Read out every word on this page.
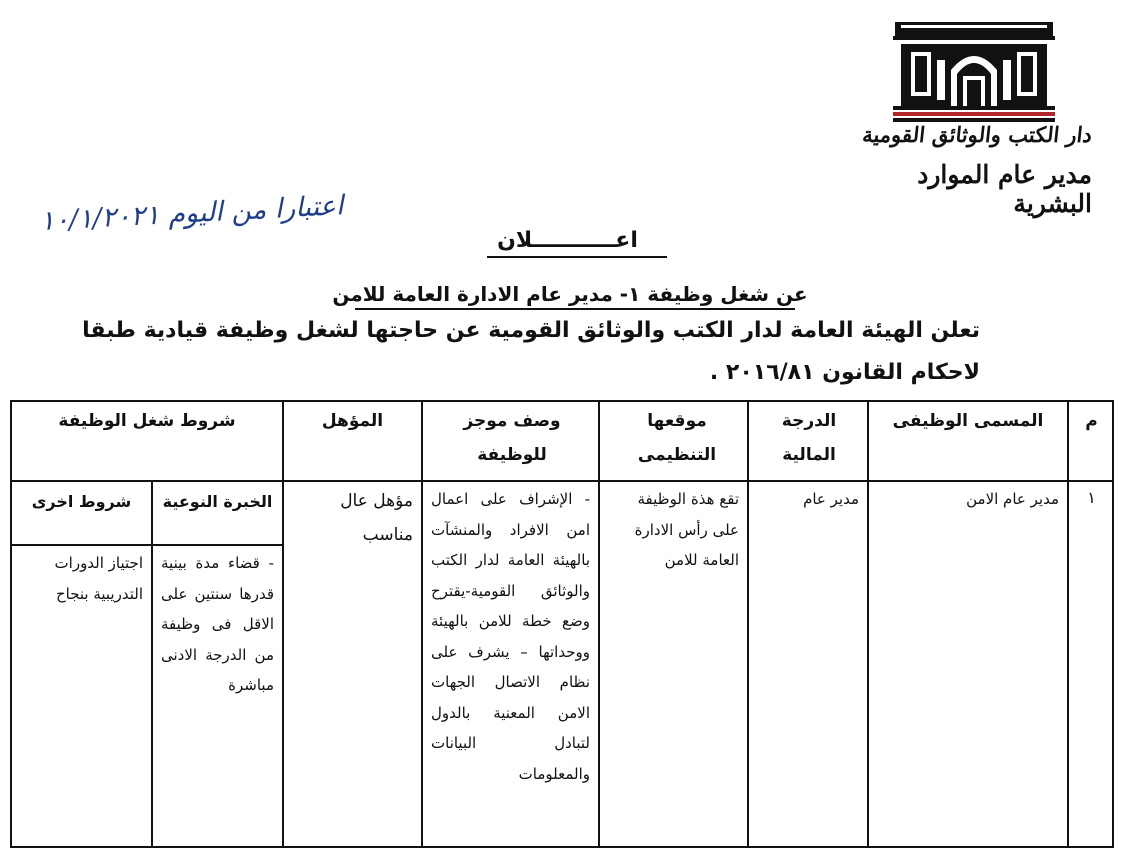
دار الكتب والوثائق القومية
مدير عام الموارد البشرية
اعتبارا من اليوم ١٠/١/٢٠٢١
اعـــــــــــلان
عن شغل وظيفة ١- مدير عام الادارة العامة للامن
تعلن الهيئة العامة لدار الكتب والوثائق القومية عن حاجتها لشغل وظيفة قيادية طبقا
لاحكام القانون ٢٠١٦/٨١ .
م
المسمى الوظيفى
الدرجة المالية
موقعها التنظيمى
وصف موجز للوظيفة
المؤهل
شروط شغل الوظيفة
الخبرة النوعية
شروط اخرى	١
مدير عام الامن
مدير عام
تقع هذة الوظيفة على رأس الادارة العامة للامن
- الإشراف على اعمال امن الافراد والمنشآت بالهيئة العامة لدار الكتب والوثائق القومية-يقترح وضع خطة للامن بالهيئة ووحداتها – يشرف على نظام الاتصال الجهات الامن المعنية بالدول لتبادل البيانات والمعلومات
مؤهل عال مناسب
- قضاء مدة بينية قدرها سنتين على الاقل فى وظيفة من الدرجة الادنى مباشرة
اجتياز الدورات التدريبية بنجاح
